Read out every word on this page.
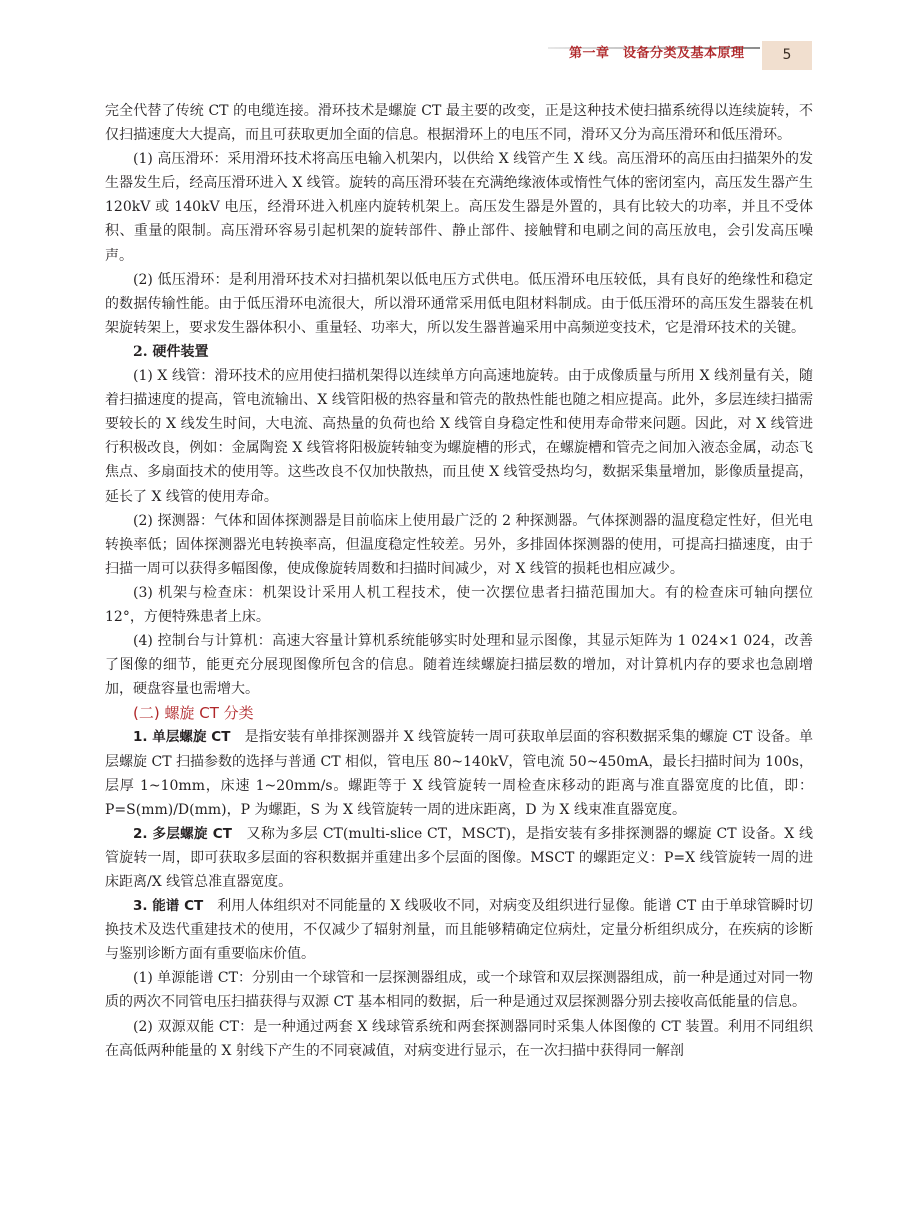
第一章　设备分类及基本原理	5

完全代替了传统 CT 的电缆连接。滑环技术是螺旋 CT 最主要的改变，正是这种技术使扫描系统得以连续旋转，不仅扫描速度大大提高，而且可获取更加全面的信息。根据滑环上的电压不同，滑环又分为高压滑环和低压滑环。

(1) 高压滑环：采用滑环技术将高压电输入机架内，以供给 X 线管产生 X 线。高压滑环的高压由扫描架外的发生器发生后，经高压滑环进入 X 线管。旋转的高压滑环装在充满绝缘液体或惰性气体的密闭室内，高压发生器产生 120kV 或 140kV 电压，经滑环进入机座内旋转机架上。高压发生器是外置的，具有比较大的功率，并且不受体积、重量的限制。高压滑环容易引起机架的旋转部件、静止部件、接触臂和电刷之间的高压放电，会引发高压噪声。

(2) 低压滑环：是利用滑环技术对扫描机架以低电压方式供电。低压滑环电压较低，具有良好的绝缘性和稳定的数据传输性能。由于低压滑环电流很大，所以滑环通常采用低电阻材料制成。由于低压滑环的高压发生器装在机架旋转架上，要求发生器体积小、重量轻、功率大，所以发生器普遍采用中高频逆变技术，它是滑环技术的关键。

2. 硬件装置

(1) X 线管：滑环技术的应用使扫描机架得以连续单方向高速地旋转。由于成像质量与所用 X 线剂量有关，随着扫描速度的提高，管电流输出、X 线管阳极的热容量和管壳的散热性能也随之相应提高。此外，多层连续扫描需要较长的 X 线发生时间，大电流、高热量的负荷也给 X 线管自身稳定性和使用寿命带来问题。因此，对 X 线管进行积极改良，例如：金属陶瓷 X 线管将阳极旋转轴变为螺旋槽的形式，在螺旋槽和管壳之间加入液态金属，动态飞焦点、多扇面技术的使用等。这些改良不仅加快散热，而且使 X 线管受热均匀，数据采集量增加，影像质量提高，延长了 X 线管的使用寿命。

(2) 探测器：气体和固体探测器是目前临床上使用最广泛的 2 种探测器。气体探测器的温度稳定性好，但光电转换率低；固体探测器光电转换率高，但温度稳定性较差。另外，多排固体探测器的使用，可提高扫描速度，由于扫描一周可以获得多幅图像，使成像旋转周数和扫描时间减少，对 X 线管的损耗也相应减少。

(3) 机架与检查床：机架设计采用人机工程技术，使一次摆位患者扫描范围加大。有的检查床可轴向摆位 12°，方便特殊患者上床。

(4) 控制台与计算机：高速大容量计算机系统能够实时处理和显示图像，其显示矩阵为 1 024×1 024，改善了图像的细节，能更充分展现图像所包含的信息。随着连续螺旋扫描层数的增加，对计算机内存的要求也急剧增加，硬盘容量也需增大。

(二) 螺旋 CT 分类

1. 单层螺旋 CT　是指安装有单排探测器并 X 线管旋转一周可获取单层面的容积数据采集的螺旋 CT 设备。单层螺旋 CT 扫描参数的选择与普通 CT 相似，管电压 80~140kV，管电流 50~450mA，最长扫描时间为 100s，层厚 1~10mm，床速 1~20mm/s。螺距等于 X 线管旋转一周检查床移动的距离与准直器宽度的比值，即：P=S(mm)/D(mm)，P 为螺距，S 为 X 线管旋转一周的进床距离，D 为 X 线束准直器宽度。

2. 多层螺旋 CT　又称为多层 CT(multi-slice CT，MSCT)，是指安装有多排探测器的螺旋 CT 设备。X 线管旋转一周，即可获取多层面的容积数据并重建出多个层面的图像。MSCT 的螺距定义：P=X 线管旋转一周的进床距离/X 线管总准直器宽度。

3. 能谱 CT　利用人体组织对不同能量的 X 线吸收不同，对病变及组织进行显像。能谱 CT 由于单球管瞬时切换技术及迭代重建技术的使用，不仅减少了辐射剂量，而且能够精确定位病灶，定量分析组织成分，在疾病的诊断与鉴别诊断方面有重要临床价值。

(1) 单源能谱 CT：分别由一个球管和一层探测器组成，或一个球管和双层探测器组成，前一种是通过对同一物质的两次不同管电压扫描获得与双源 CT 基本相同的数据，后一种是通过双层探测器分别去接收高低能量的信息。

(2) 双源双能 CT：是一种通过两套 X 线球管系统和两套探测器同时采集人体图像的 CT 装置。利用不同组织在高低两种能量的 X 射线下产生的不同衰减值，对病变进行显示，在一次扫描中获得同一解剖
